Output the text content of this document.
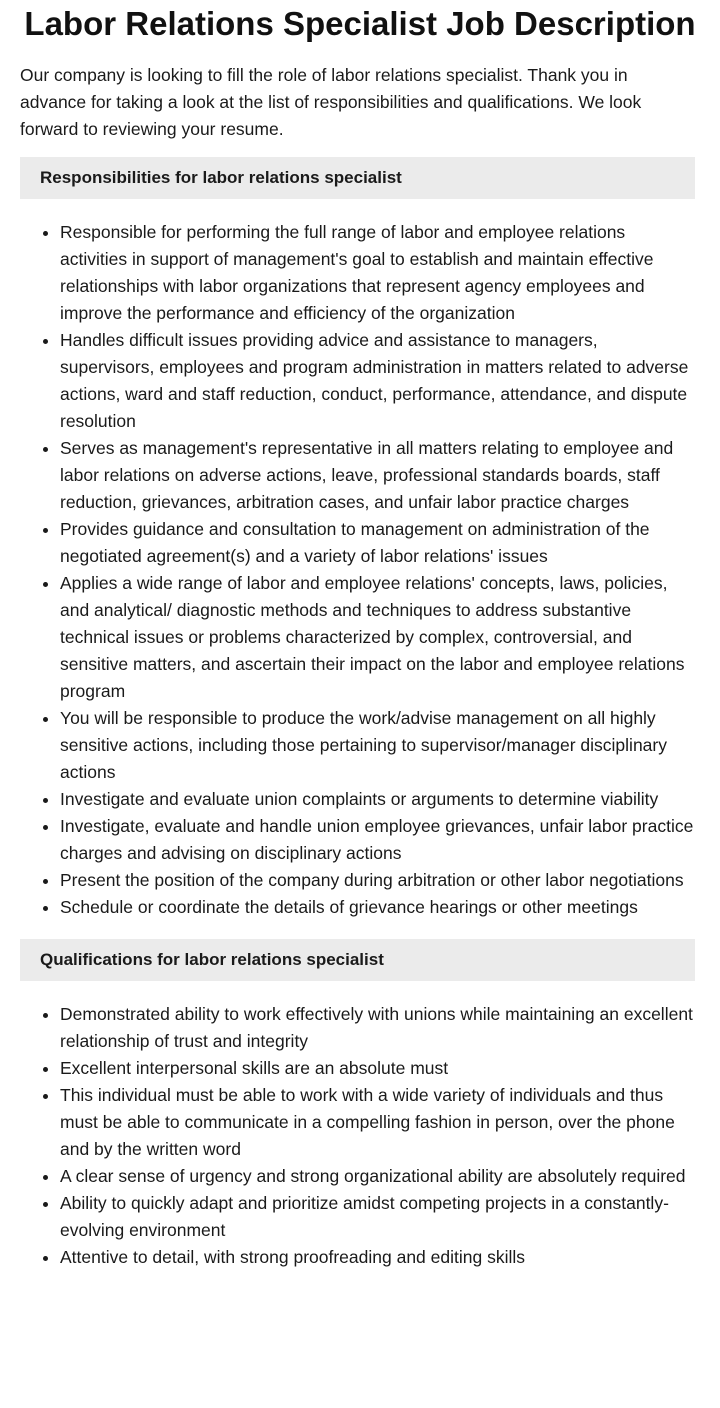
Labor Relations Specialist Job Description

Our company is looking to fill the role of labor relations specialist. Thank you in advance for taking a look at the list of responsibilities and qualifications. We look forward to reviewing your resume.

Responsibilities for labor relations specialist
• Responsible for performing the full range of labor and employee relations activities in support of management's goal to establish and maintain effective relationships with labor organizations that represent agency employees and improve the performance and efficiency of the organization
• Handles difficult issues providing advice and assistance to managers, supervisors, employees and program administration in matters related to adverse actions, ward and staff reduction, conduct, performance, attendance, and dispute resolution
• Serves as management's representative in all matters relating to employee and labor relations on adverse actions, leave, professional standards boards, staff reduction, grievances, arbitration cases, and unfair labor practice charges
• Provides guidance and consultation to management on administration of the negotiated agreement(s) and a variety of labor relations' issues
• Applies a wide range of labor and employee relations' concepts, laws, policies, and analytical/ diagnostic methods and techniques to address substantive technical issues or problems characterized by complex, controversial, and sensitive matters, and ascertain their impact on the labor and employee relations program
• You will be responsible to produce the work/advise management on all highly sensitive actions, including those pertaining to supervisor/manager disciplinary actions
• Investigate and evaluate union complaints or arguments to determine viability
• Investigate, evaluate and handle union employee grievances, unfair labor practice charges and advising on disciplinary actions
• Present the position of the company during arbitration or other labor negotiations
• Schedule or coordinate the details of grievance hearings or other meetings
Qualifications for labor relations specialist
• Demonstrated ability to work effectively with unions while maintaining an excellent relationship of trust and integrity
• Excellent interpersonal skills are an absolute must
• This individual must be able to work with a wide variety of individuals and thus must be able to communicate in a compelling fashion in person, over the phone and by the written word
• A clear sense of urgency and strong organizational ability are absolutely required
• Ability to quickly adapt and prioritize amidst competing projects in a constantly-evolving environment
• Attentive to detail, with strong proofreading and editing skills
